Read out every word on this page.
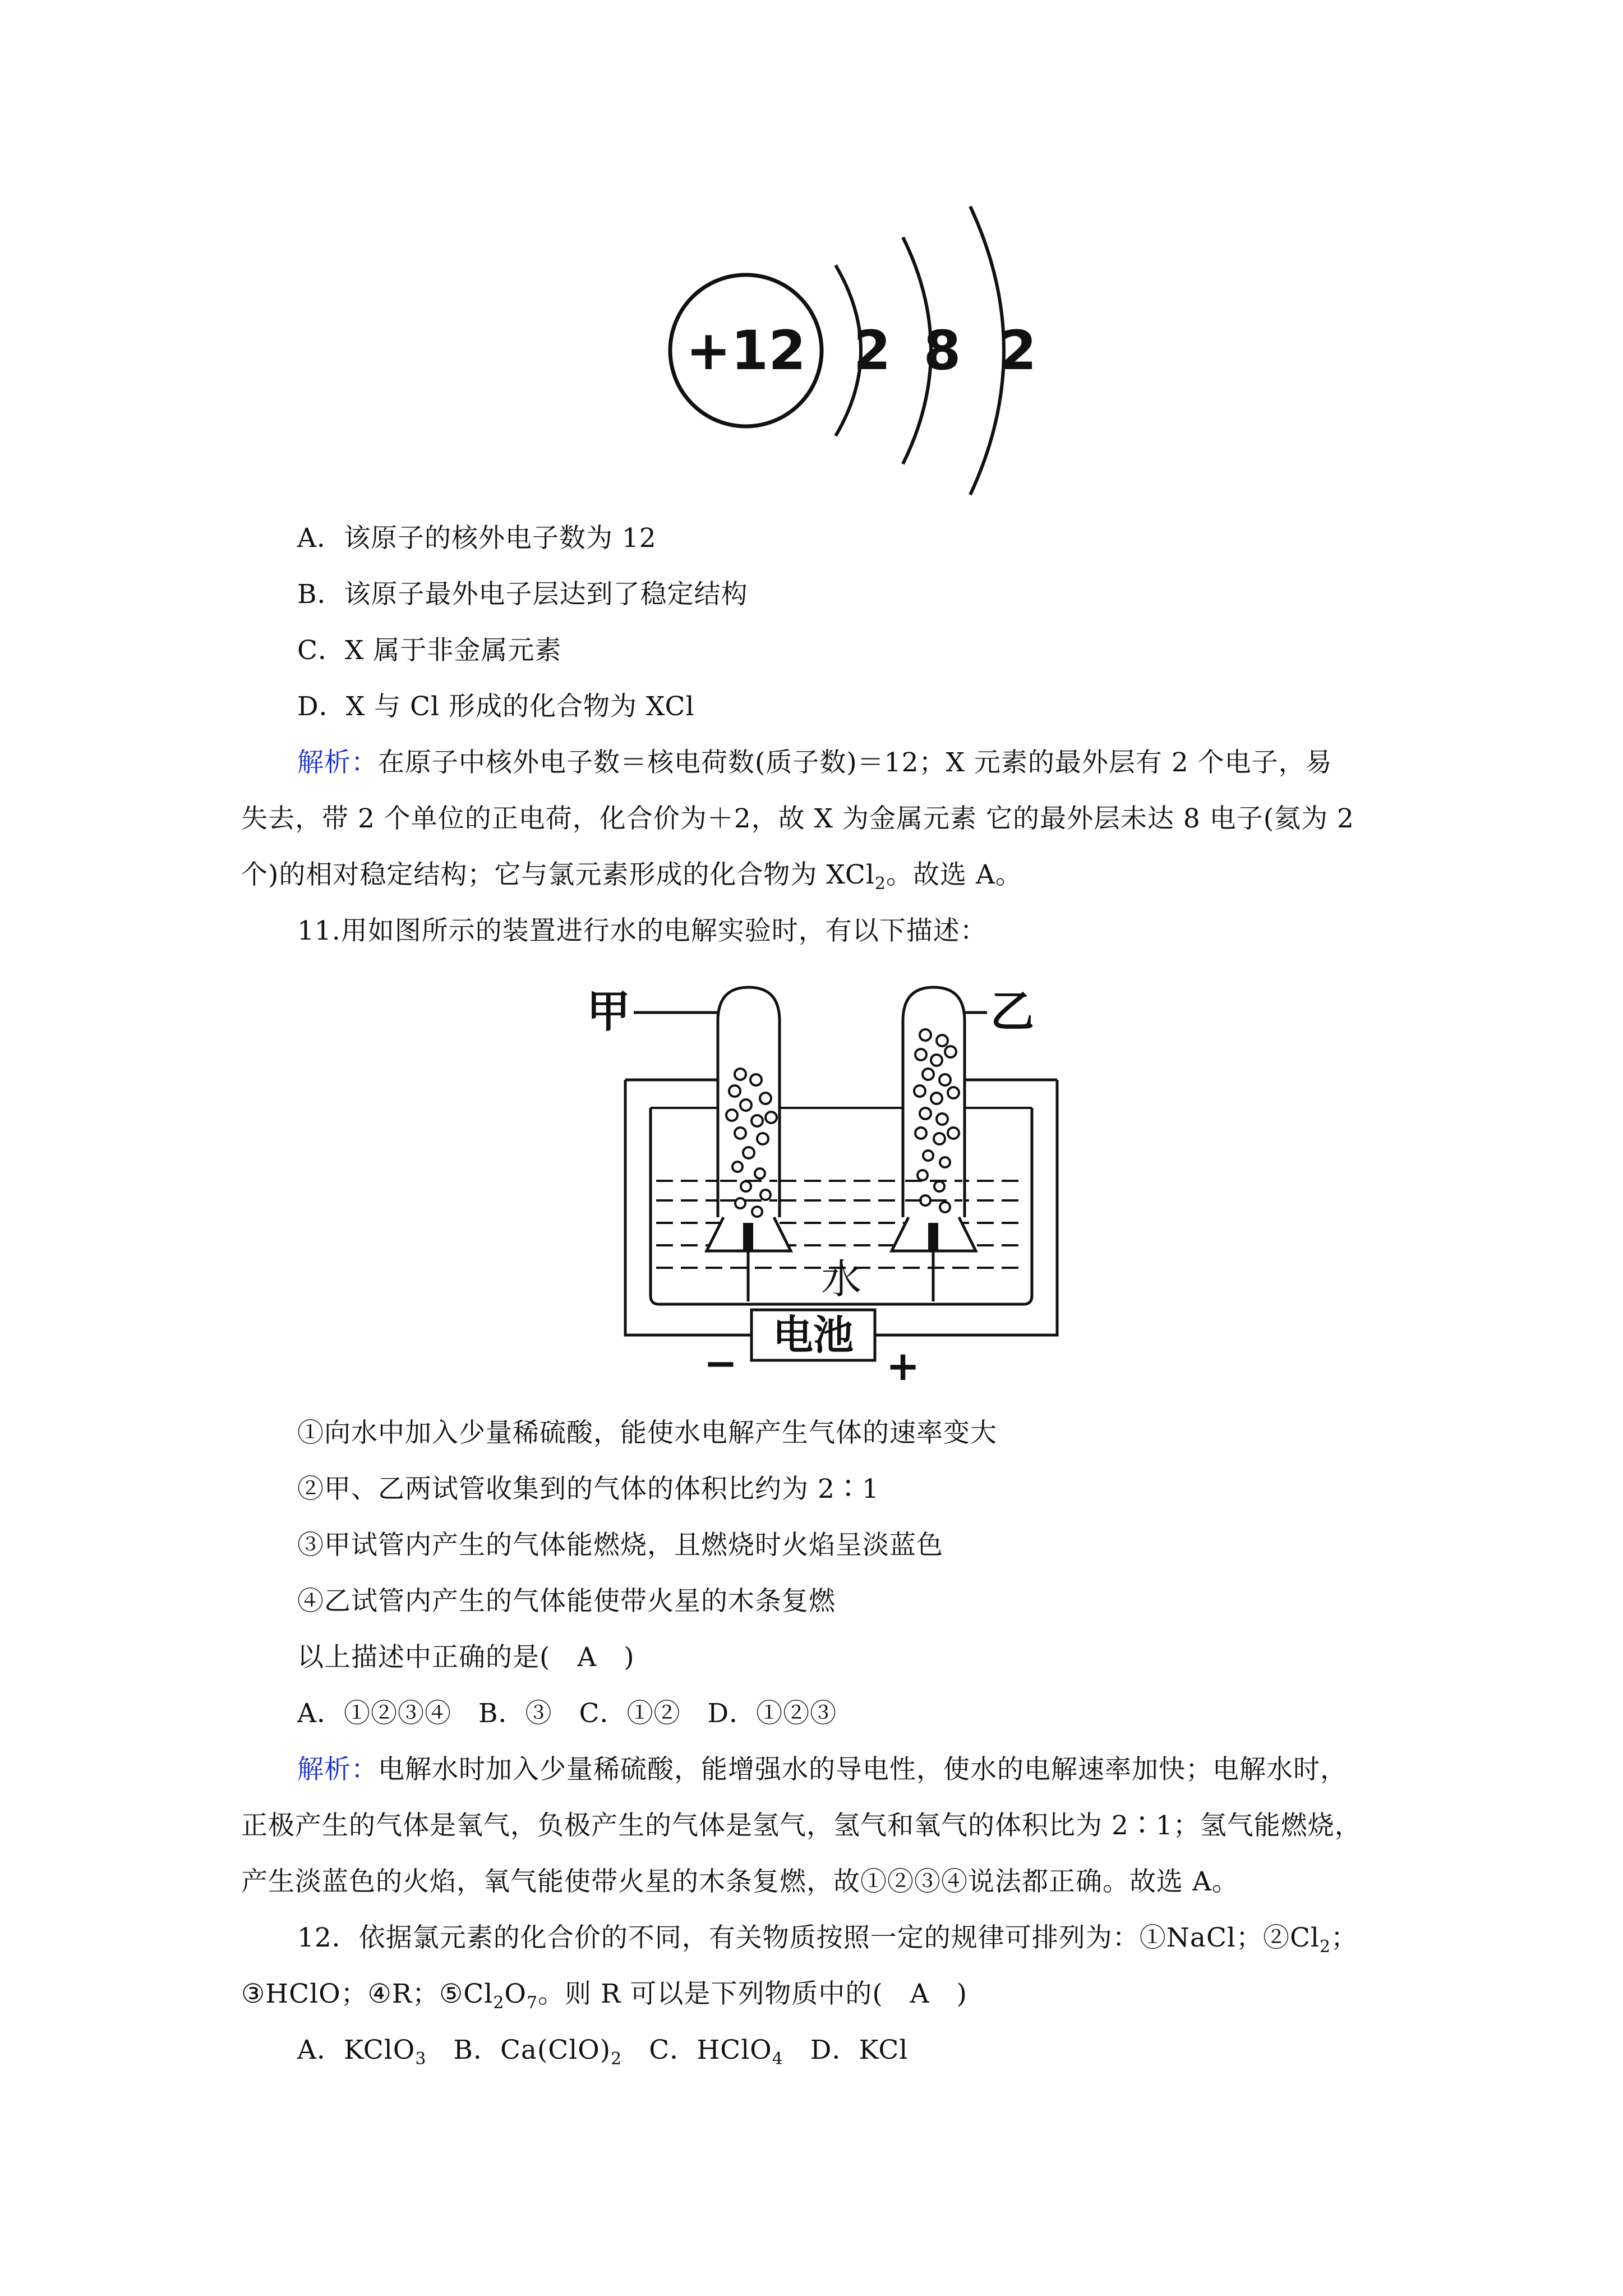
+12 2 8 2
A．该原子的核外电子数为 12
B．该原子最外电子层达到了稳定结构
C．X 属于非金属元素
D．X 与 Cl 形成的化合物为 XCl
解析：在原子中核外电子数＝核电荷数(质子数)＝12；X 元素的最外层有 2 个电子，易
失去，带 2 个单位的正电荷，化合价为＋2，故 X 为金属元素 它的最外层未达 8 电子(氦为 2
个)的相对稳定结构；它与氯元素形成的化合物为 XCl$_2$。故选 A。
11.用如图所示的装置进行水的电解实验时，有以下描述：
甲	乙
水
电池
−	+
①向水中加入少量稀硫酸，能使水电解产生气体的速率变大
②甲、乙两试管收集到的气体的体积比约为 2∶1
③甲试管内产生的气体能燃烧，且燃烧时火焰呈淡蓝色
④乙试管内产生的气体能使带火星的木条复燃
以上描述中正确的是(　A　)
A．①②③④　B．③　C．①②　D．①②③
解析：电解水时加入少量稀硫酸，能增强水的导电性，使水的电解速率加快；电解水时，
正极产生的气体是氧气，负极产生的气体是氢气，氢气和氧气的体积比为 2∶1；氢气能燃烧，
产生淡蓝色的火焰，氧气能使带火星的木条复燃，故①②③④说法都正确。故选 A。
12．依据氯元素的化合价的不同，有关物质按照一定的规律可排列为：①NaCl；$②Cl_2$；
③HClO；④R；$⑤Cl_2O_7$。则 R 可以是下列物质中的(　A　)
A．KClO$_3$　B．$Ca(ClO)_2$　C．HClO$_4$　D．KCl
